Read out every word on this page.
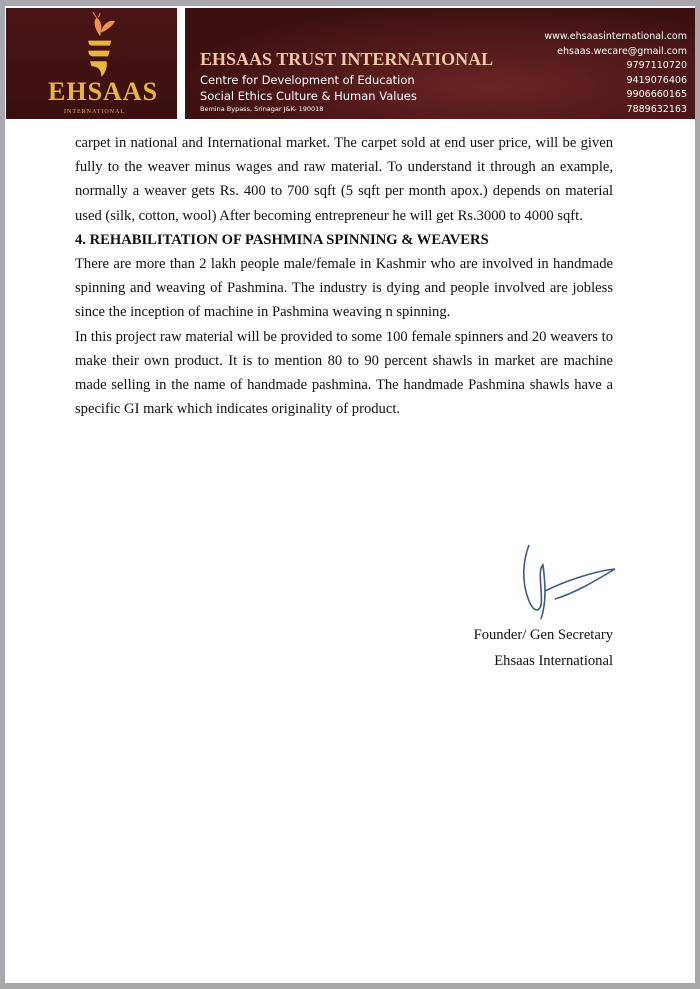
EHSAAS
INTERNATIONAL
EHSAAS TRUST INTERNATIONAL
Centre for Development of Education
Social Ethics Culture & Human Values
Bemina Bypass, Srinagar J&K- 190018
www.ehsaasinternational.com
ehsaas.wecare@gmail.com
9797110720
9419076406
9906660165
7889632163

carpet in national and International market. The carpet sold at end user price, will be given fully to the weaver minus wages and raw material. To understand it through an example, normally a weaver gets Rs. 400 to 700 sqft (5 sqft per month apox.) depends on material used (silk, cotton, wool) After becoming entrepreneur he will get Rs.3000 to 4000 sqft.

4. REHABILITATION OF PASHMINA SPINNING & WEAVERS

There are more than 2 lakh people male/female in Kashmir who are involved in handmade spinning and weaving of Pashmina. The industry is dying and people involved are jobless since the inception of machine in Pashmina weaving n spinning.

In this project raw material will be provided to some 100 female spinners and 20 weavers to make their own product. It is to mention 80 to 90 percent shawls in market are machine made selling in the name of handmade pashmina. The handmade Pashmina shawls have a specific GI mark which indicates originality of product.

Founder/ Gen Secretary
Ehsaas International
